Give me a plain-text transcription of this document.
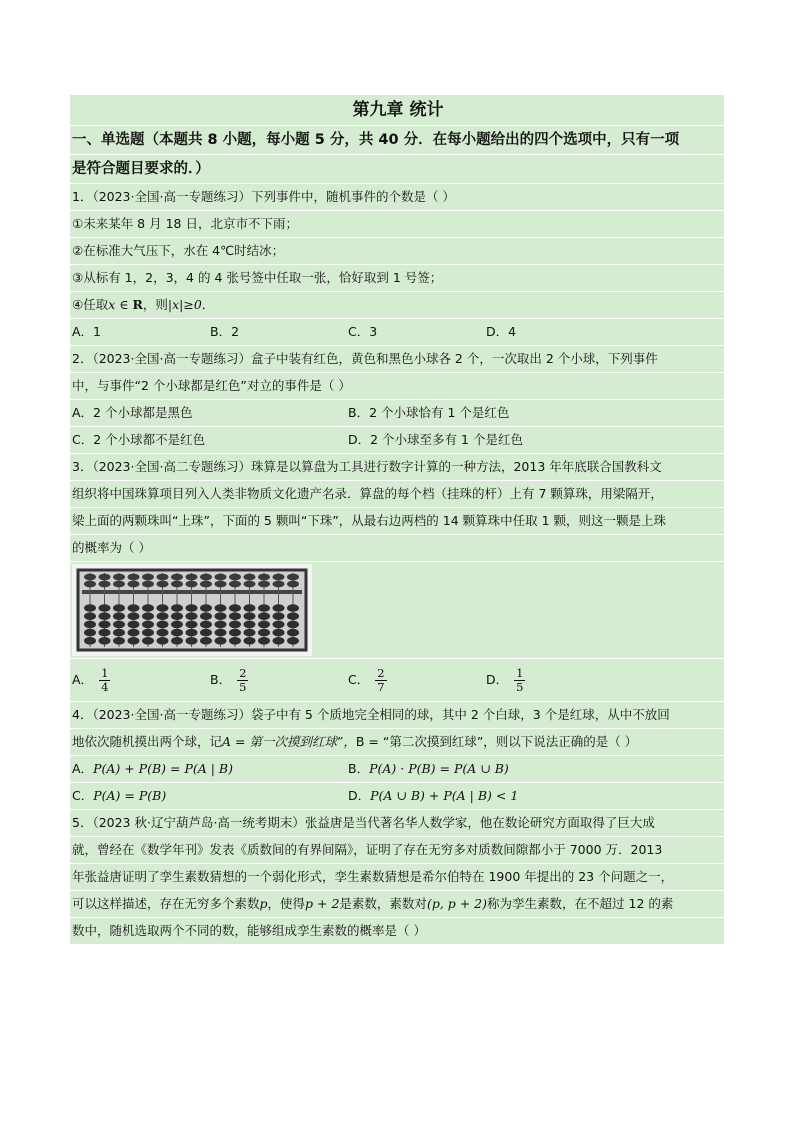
第九章 统计
一、单选题（本题共 8 小题，每小题 5 分，共 40 分．在每小题给出的四个选项中，只有一项
是符合题目要求的．）
1．（2023·全国·高一专题练习）下列事件中，随机事件的个数是（ ）
①未来某年 8 月 18 日，北京市不下雨；
②在标准大气压下，水在 4℃时结冰；
③从标有 1，2，3，4 的 4 张号签中任取一张，恰好取到 1 号签；
④任取x ∈ R，则|x|≥0．
A．1	B．2	C．3	D．4
2．（2023·全国·高一专题练习）盒子中装有红色，黄色和黑色小球各 2 个，一次取出 2 个小球，下列事件
中，与事件“2 个小球都是红色”对立的事件是（ ）
A．2 个小球都是黑色	B．2 个小球恰有 1 个是红色
C．2 个小球都不是红色	D．2 个小球至多有 1 个是红色
3．（2023·全国·高二专题练习）珠算是以算盘为工具进行数字计算的一种方法，2013 年年底联合国教科文
组织将中国珠算项目列入人类非物质文化遗产名录．算盘的每个档（挂珠的杆）上有 7 颗算珠，用梁隔开，
梁上面的两颗珠叫“上珠”，下面的 5 颗叫“下珠”，从最右边两档的 14 颗算珠中任取 1 颗，则这一颗是上珠
的概率为（ ）
A． $\frac{1}{4}$	B． $\frac{2}{5}$	C． $\frac{2}{7}$	D． $\frac{1}{5}$
4．（2023·全国·高一专题练习）袋子中有 5 个质地完全相同的球，其中 2 个白球，3 个是红球，从中不放回
地依次随机摸出两个球，记A = 第一次摸到红球”，B = “第二次摸到红球”，则以下说法正确的是（ ）
A．P(A) + P(B) = P(A | B)	B．P(A) · P(B) = P(A ∪ B)
C．P(A) = P(B)	D．P(A ∪ B) + P(A | B) < 1
5．（2023 秋·辽宁葫芦岛·高一统考期末）张益唐是当代著名华人数学家，他在数论研究方面取得了巨大成
就，曾经在《数学年刊》发表《质数间的有界间隔》，证明了存在无穷多对质数间隙都小于 7000 万．2013
年张益唐证明了孪生素数猜想的一个弱化形式，孪生素数猜想是希尔伯特在 1900 年提出的 23 个问题之一，
可以这样描述，存在无穷多个素数p，使得p + 2是素数，素数对(p, p + 2)称为孪生素数，在不超过 12 的素
数中，随机选取两个不同的数，能够组成孪生素数的概率是（ ）
